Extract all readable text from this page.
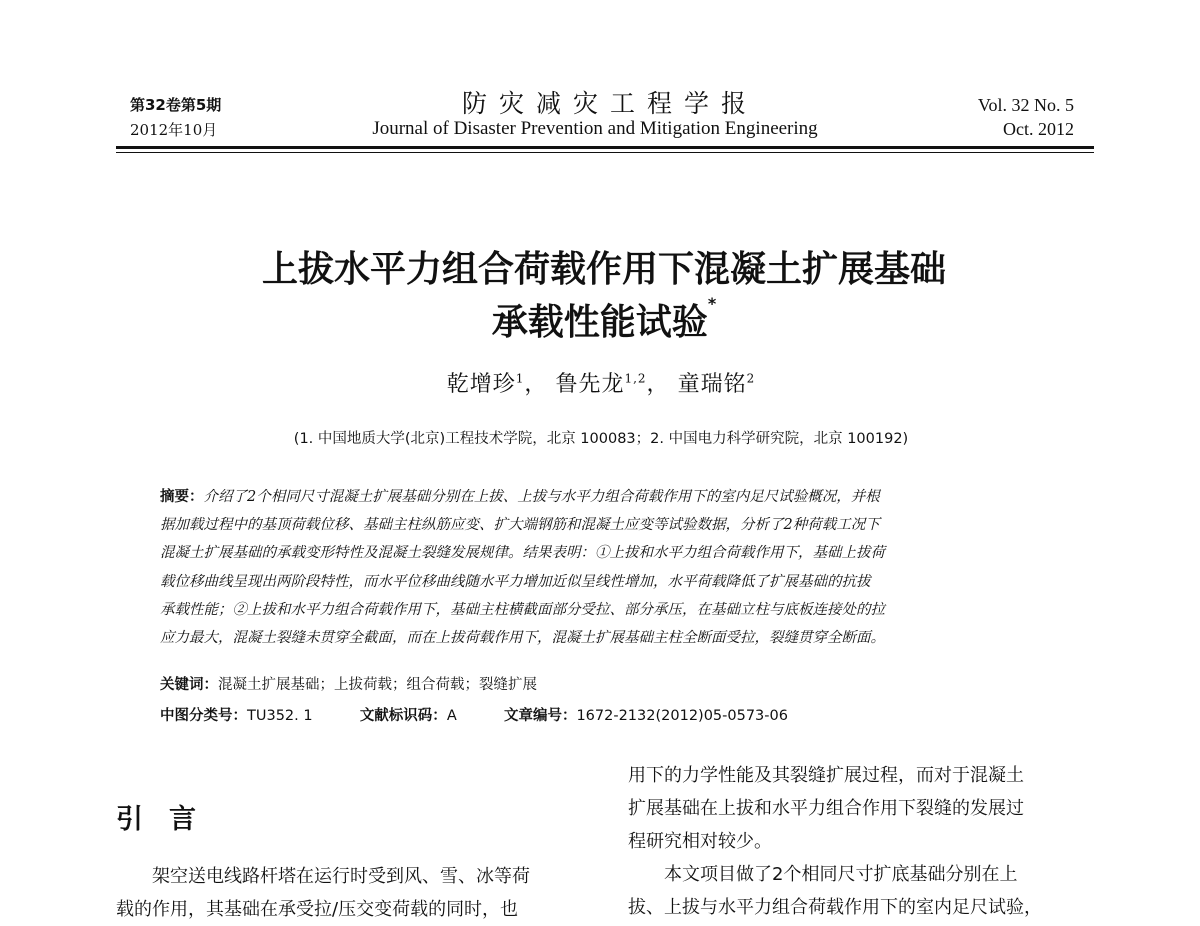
第32卷第5期
2012年10月
防灾减灾工程学报
Journal of Disaster Prevention and Mitigation Engineering
Vol. 32 No. 5
Oct. 2012
上拔水平力组合荷载作用下混凝土扩展基础
承载性能试验*
乾增珍$^1$， 鲁先龙$^{1,2}$， 童瑞铭$^2$
(1. 中国地质大学(北京)工程技术学院，北京 100083；2. 中国电力科学研究院，北京 100192)
摘要：介绍了2个相同尺寸混凝土扩展基础分别在上拔、上拔与水平力组合荷载作用下的室内足尺试验概况，并根
据加载过程中的基顶荷载位移、基础主柱纵筋应变、扩大端钢筋和混凝土应变等试验数据，分析了2种荷载工况下
混凝土扩展基础的承载变形特性及混凝土裂缝发展规律。结果表明：①上拔和水平力组合荷载作用下，基础上拔荷
载位移曲线呈现出两阶段特性，而水平位移曲线随水平力增加近似呈线性增加，水平荷载降低了扩展基础的抗拔
承载性能；②上拔和水平力组合荷载作用下，基础主柱横截面部分受拉、部分承压，在基础立柱与底板连接处的拉
应力最大，混凝土裂缝未贯穿全截面，而在上拔荷载作用下，混凝土扩展基础主柱全断面受拉，裂缝贯穿全断面。
关键词：混凝土扩展基础；上拔荷载；组合荷载；裂缝扩展
中图分类号：TU352. 1	文献标识码：A	文章编号：1672-2132(2012)05-0573-06
引言
架空送电线路杆塔在运行时受到风、雪、冰等荷
载的作用，其基础在承受拉/压交变荷载的同时，也
用下的力学性能及其裂缝扩展过程，而对于混凝土
扩展基础在上拔和水平力组合作用下裂缝的发展过
程研究相对较少。
本文项目做了2个相同尺寸扩底基础分别在上
拔、上拔与水平力组合荷载作用下的室内足尺试验，
